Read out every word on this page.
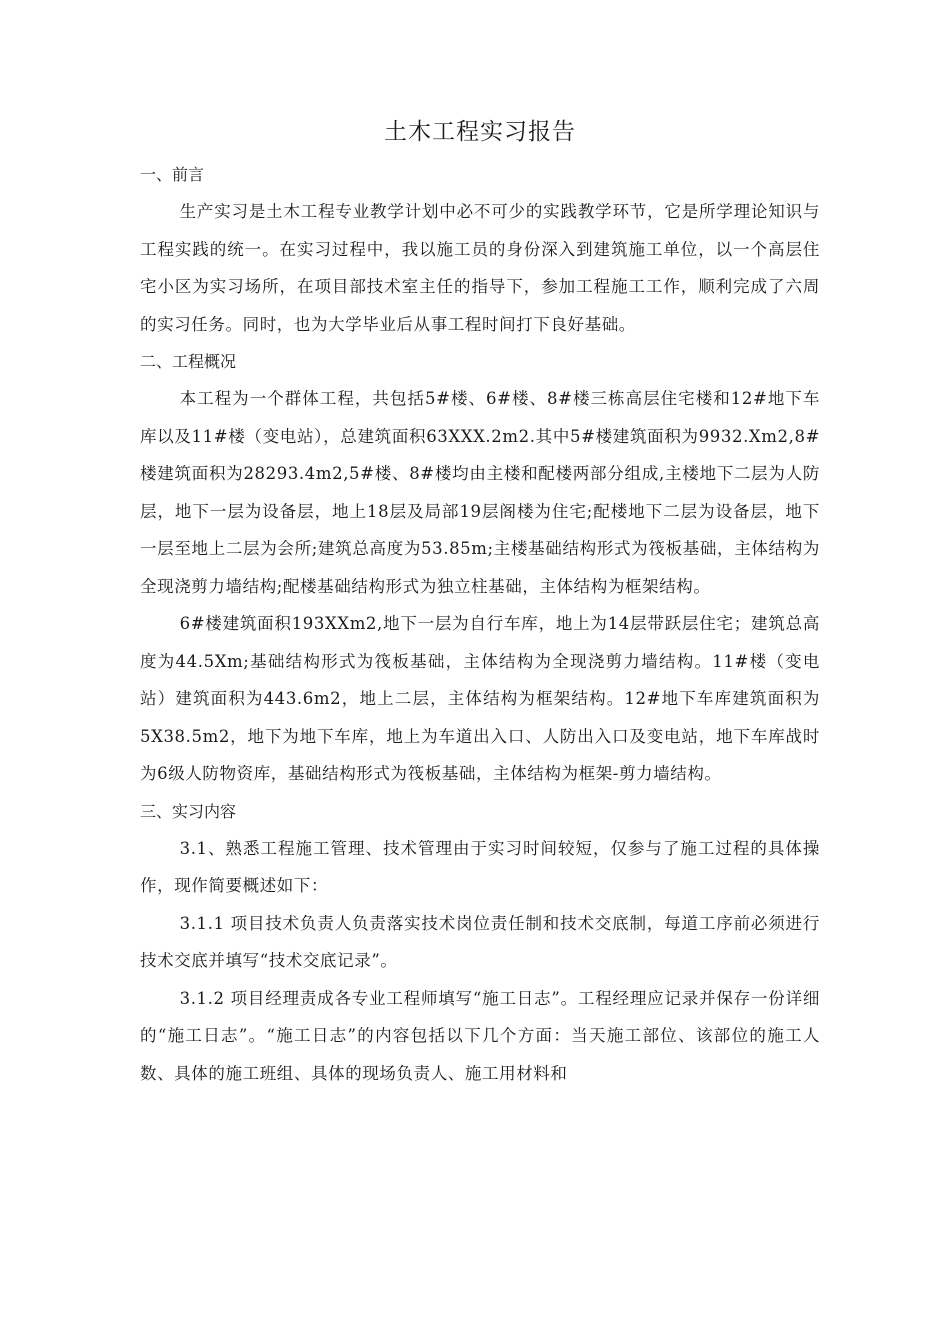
土木工程实习报告

一、前言

生产实习是土木工程专业教学计划中必不可少的实践教学环节，它是所学理论知识与工程实践的统一。在实习过程中，我以施工员的身份深入到建筑施工单位，以一个高层住宅小区为实习场所，在项目部技术室主任的指导下，参加工程施工工作，顺利完成了六周的实习任务。同时，也为大学毕业后从事工程时间打下良好基础。

二、工程概况

本工程为一个群体工程，共包括5#楼、6#楼、8#楼三栋高层住宅楼和12#地下车库以及11#楼（变电站），总建筑面积63XXX.2m2.其中5#楼建筑面积为9932.Xm2,8#楼建筑面积为28293.4m2,5#楼、8#楼均由主楼和配楼两部分组成,主楼地下二层为人防层，地下一层为设备层，地上18层及局部19层阁楼为住宅;配楼地下二层为设备层，地下一层至地上二层为会所;建筑总高度为53.85m;主楼基础结构形式为筏板基础，主体结构为全现浇剪力墙结构;配楼基础结构形式为独立柱基础，主体结构为框架结构。

6#楼建筑面积193XXm2,地下一层为自行车库，地上为14层带跃层住宅；建筑总高度为44.5Xm;基础结构形式为筏板基础，主体结构为全现浇剪力墙结构。11#楼（变电站）建筑面积为443.6m2，地上二层，主体结构为框架结构。12#地下车库建筑面积为5X38.5m2，地下为地下车库，地上为车道出入口、人防出入口及变电站，地下车库战时为6级人防物资库，基础结构形式为筏板基础，主体结构为框架-剪力墙结构。

三、实习内容

3.1、熟悉工程施工管理、技术管理由于实习时间较短，仅参与了施工过程的具体操作，现作简要概述如下：

3.1.1 项目技术负责人负责落实技术岗位责任制和技术交底制，每道工序前必须进行技术交底并填写“技术交底记录”。

3.1.2 项目经理责成各专业工程师填写“施工日志”。工程经理应记录并保存一份详细的“施工日志”。“施工日志”的内容包括以下几个方面：当天施工部位、该部位的施工人数、具体的施工班组、具体的现场负责人、施工用材料和
